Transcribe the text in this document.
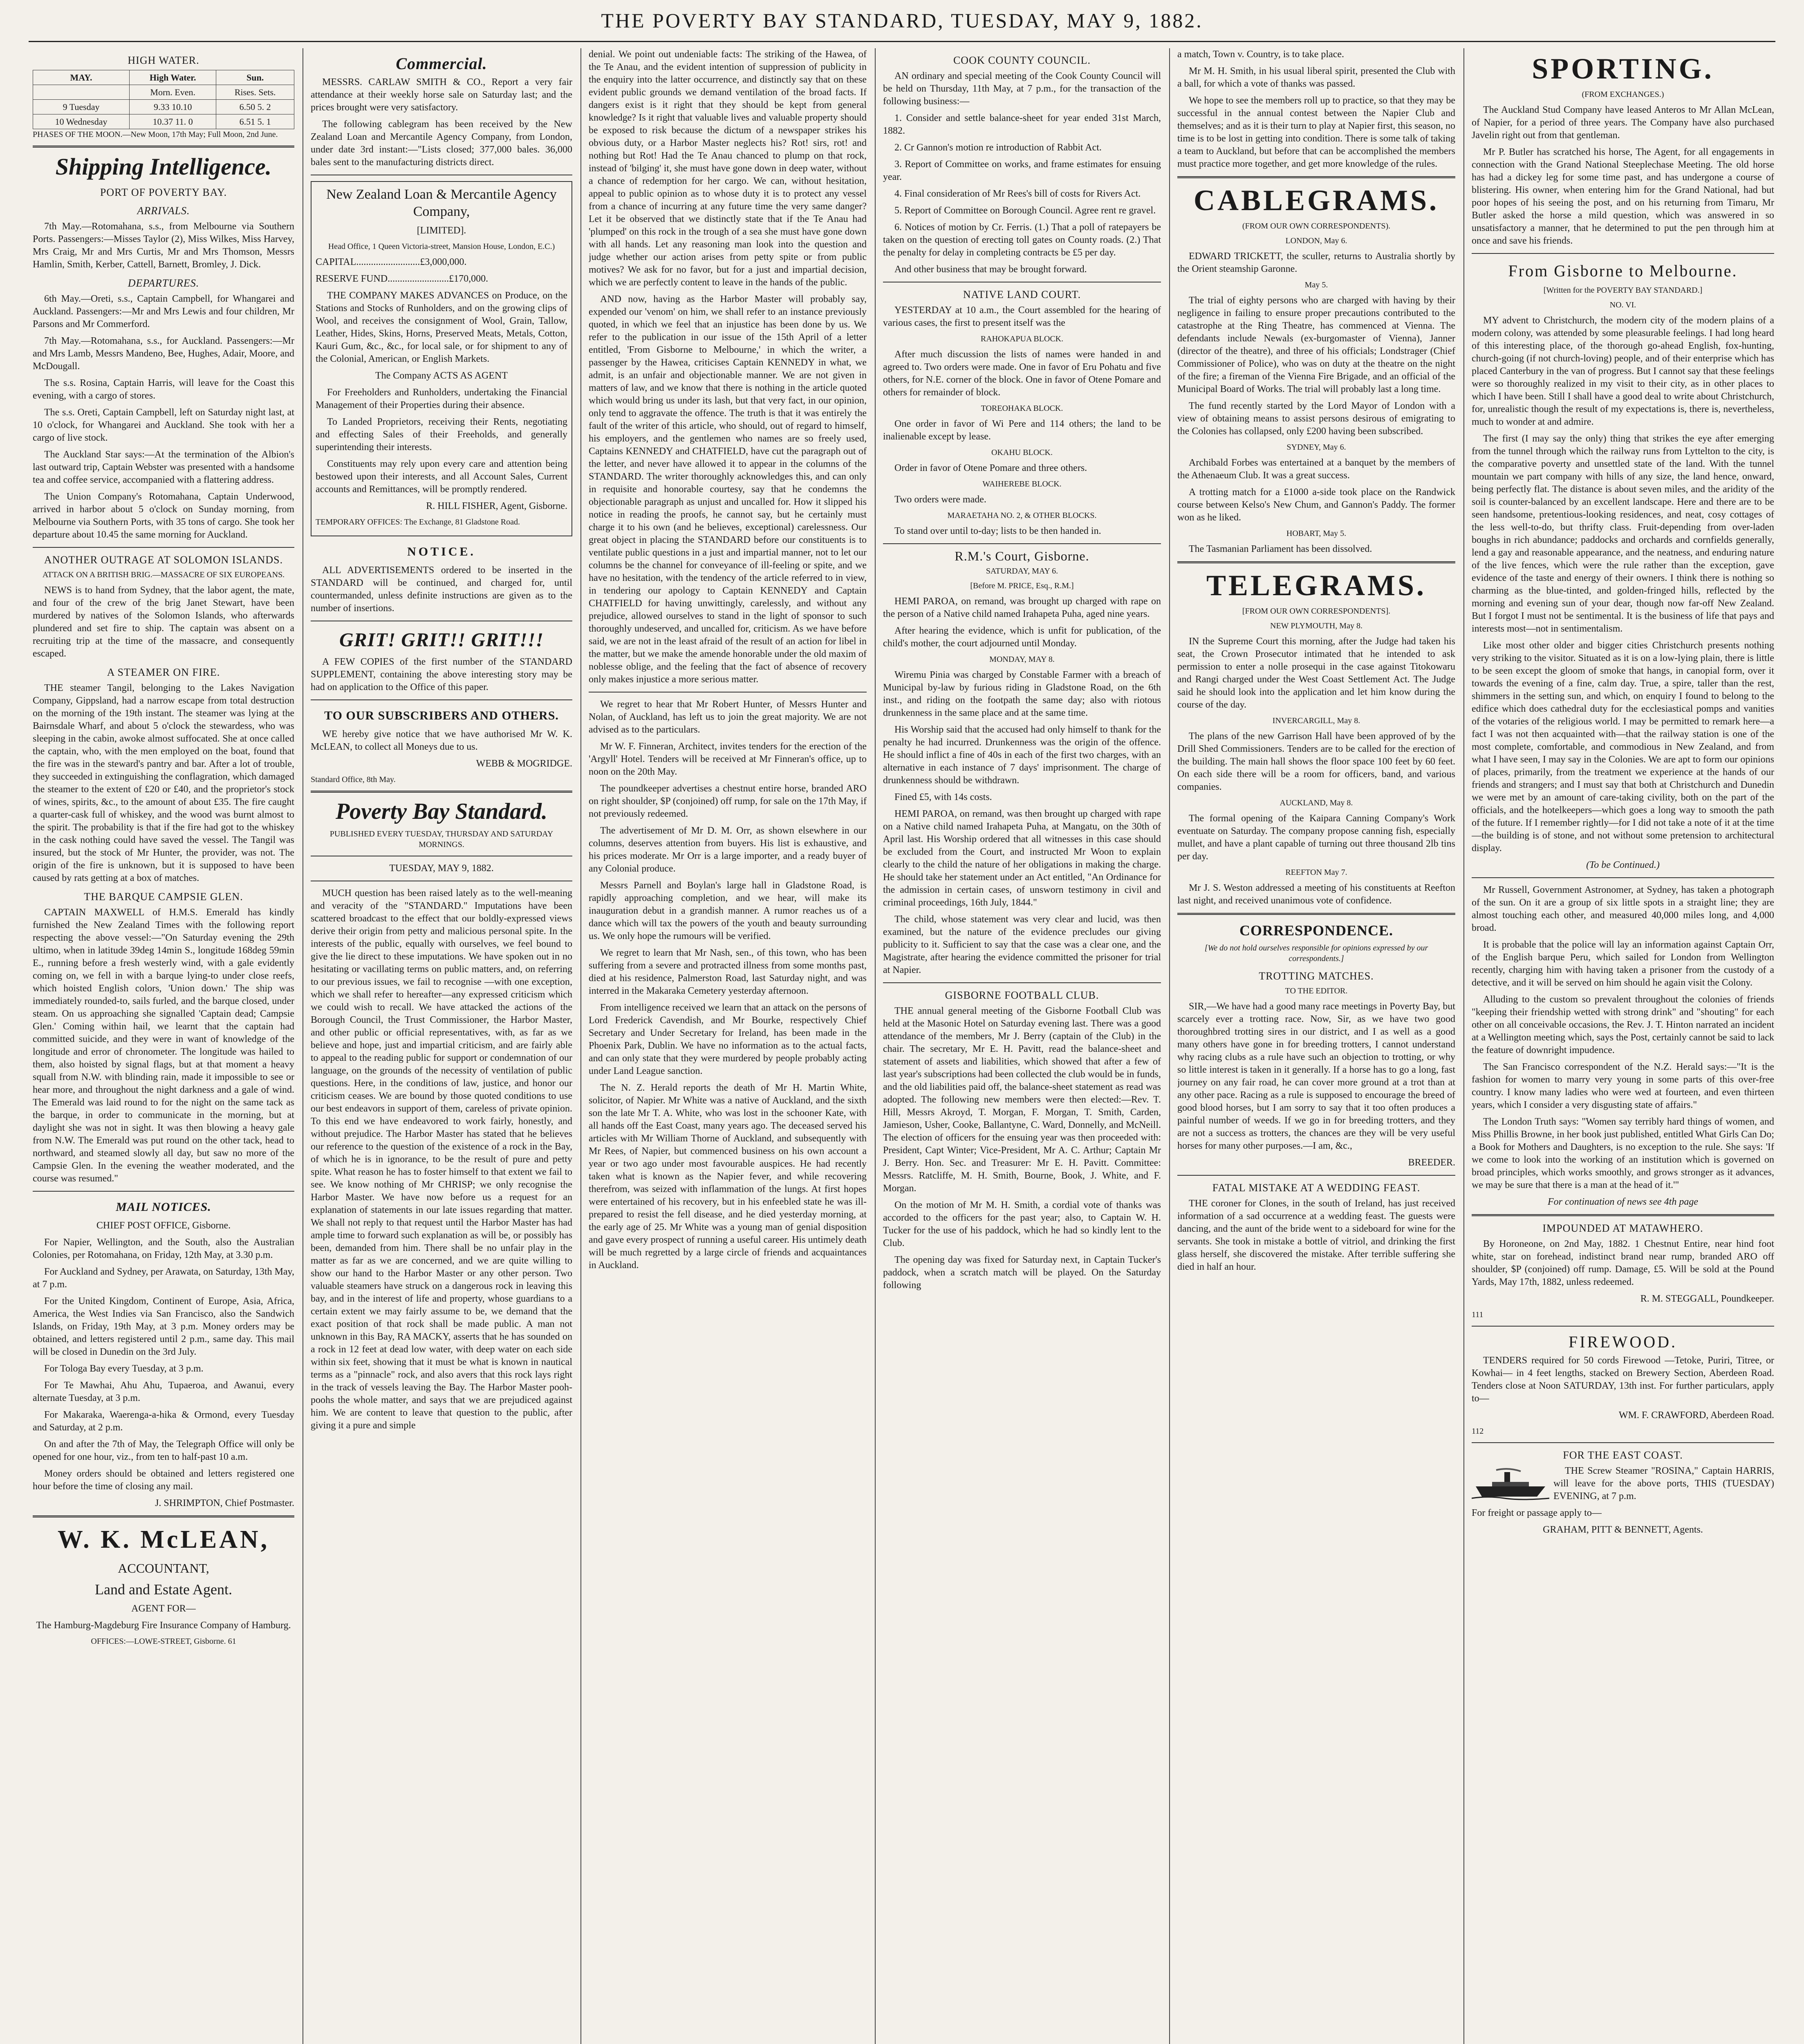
THE POVERTY BAY STANDARD, TUESDAY, MAY 9, 1882.
HIGH WATER.
MAY.	High Water.	Sun.
	Morn. Even.	Rises. Sets.
9 Tuesday	9.33 10.10	6.50 5. 2
10 Wednesday	10.37 11. 0	6.51 5. 1

PHASES OF THE MOON.—New Moon, 17th May; Full Moon, 2nd June.

Shipping Intelligence.
PORT OF POVERTY BAY.
ARRIVALS.

7th May.—Rotomahana, s.s., from Melbourne via Southern Ports. Passengers:—Misses Taylor (2), Miss Wilkes, Miss Harvey, Mrs Craig, Mr and Mrs Curtis, Mr and Mrs Thomson, Messrs Hamlin, Smith, Kerber, Cattell, Barnett, Bromley, J. Dick.

DEPARTURES.

6th May.—Oreti, s.s., Captain Campbell, for Whangarei and Auckland. Passengers:—Mr and Mrs Lewis and four children, Mr Parsons and Mr Commerford.

7th May.—Rotomahana, s.s., for Auckland. Passengers:—Mr and Mrs Lamb, Messrs Mandeno, Bee, Hughes, Adair, Moore, and McDougall.

The s.s. Rosina, Captain Harris, will leave for the Coast this evening, with a cargo of stores.

The s.s. Oreti, Captain Campbell, left on Saturday night last, at 10 o'clock, for Whangarei and Auckland. She took with her a cargo of live stock.

The Auckland Star says:—At the termination of the Albion's last outward trip, Captain Webster was presented with a handsome tea and coffee service, accompanied with a flattering address.

The Union Company's Rotomahana, Captain Underwood, arrived in harbor about 5 o'clock on Sunday morning, from Melbourne via Southern Ports, with 35 tons of cargo. She took her departure about 10.45 the same morning for Auckland.

ANOTHER OUTRAGE AT SOLOMON ISLANDS.

ATTACK ON A BRITISH BRIG.—MASSACRE OF SIX EUROPEANS.

NEWS is to hand from Sydney, that the labor agent, the mate, and four of the crew of the brig Janet Stewart, have been murdered by natives of the Solomon Islands, who afterwards plundered and set fire to ship. The captain was absent on a recruiting trip at the time of the massacre, and consequently escaped.

A STEAMER ON FIRE.

THE steamer Tangil, belonging to the Lakes Navigation Company, Gippsland, had a narrow escape from total destruction on the morning of the 19th instant. The steamer was lying at the Bairnsdale Wharf, and about 5 o'clock the stewardess, who was sleeping in the cabin, awoke almost suffocated. She at once called the captain, who, with the men employed on the boat, found that the fire was in the steward's pantry and bar. After a lot of trouble, they succeeded in extinguishing the conflagration, which damaged the steamer to the extent of £20 or £40, and the proprietor's stock of wines, spirits, &c., to the amount of about £35. The fire caught a quarter-cask full of whiskey, and the wood was burnt almost to the spirit. The probability is that if the fire had got to the whiskey in the cask nothing could have saved the vessel. The Tangil was insured, but the stock of Mr Hunter, the provider, was not. The origin of the fire is unknown, but it is supposed to have been caused by rats getting at a box of matches.

THE BARQUE CAMPSIE GLEN.

CAPTAIN MAXWELL of H.M.S. Emerald has kindly furnished the New Zealand Times with the following report respecting the above vessel:—"On Saturday evening the 29th ultimo, when in latitude 39deg 14min S., longitude 168deg 59min E., running before a fresh westerly wind, with a gale evidently coming on, we fell in with a barque lying-to under close reefs, which hoisted English colors, 'Union down.' The ship was immediately rounded-to, sails furled, and the barque closed, under steam. On us approaching she signalled 'Captain dead; Campsie Glen.' Coming within hail, we learnt that the captain had committed suicide, and they were in want of knowledge of the longitude and error of chronometer. The longitude was hailed to them, also hoisted by signal flags, but at that moment a heavy squall from N.W. with blinding rain, made it impossible to see or hear more, and throughout the night darkness and a gale of wind. The Emerald was laid round to for the night on the same tack as the barque, in order to communicate in the morning, but at daylight she was not in sight. It was then blowing a heavy gale from N.W. The Emerald was put round on the other tack, head to northward, and steamed slowly all day, but saw no more of the Campsie Glen. In the evening the weather moderated, and the course was resumed."

MAIL NOTICES.

CHIEF POST OFFICE, Gisborne.

For Napier, Wellington, and the South, also the Australian Colonies, per Rotomahana, on Friday, 12th May, at 3.30 p.m.

For Auckland and Sydney, per Arawata, on Saturday, 13th May, at 7 p.m.

For the United Kingdom, Continent of Europe, Asia, Africa, America, the West Indies via San Francisco, also the Sandwich Islands, on Friday, 19th May, at 3 p.m. Money orders may be obtained, and letters registered until 2 p.m., same day. This mail will be closed in Dunedin on the 3rd July.

For Tologa Bay every Tuesday, at 3 p.m.

For Te Mawhai, Ahu Ahu, Tupaeroa, and Awanui, every alternate Tuesday, at 3 p.m.

For Makaraka, Waerenga-a-hika & Ormond, every Tuesday and Saturday, at 2 p.m.

On and after the 7th of May, the Telegraph Office will only be opened for one hour, viz., from ten to half-past 10 a.m.

Money orders should be obtained and letters registered one hour before the time of closing any mail.

J. SHRIMPTON, Chief Postmaster.

W. K. McLEAN,

ACCOUNTANT,

Land and Estate Agent.

AGENT FOR—

The Hamburg-Magdeburg Fire Insurance Company of Hamburg.

OFFICES:—LOWE-STREET, Gisborne. 61

Commercial.

MESSRS. CARLAW SMITH & CO., Report a very fair attendance at their weekly horse sale on Saturday last; and the prices brought were very satisfactory.

The following cablegram has been received by the New Zealand Loan and Mercantile Agency Company, from London, under date 3rd instant:—"Lists closed; 377,000 bales. 36,000 bales sent to the manufacturing districts direct.

New Zealand Loan & Mercantile Agency Company,

[LIMITED].

Head Office, 1 Queen Victoria-street, Mansion House, London, E.C.)

CAPITAL..........................£3,000,000.

RESERVE FUND.........................£170,000.

THE COMPANY MAKES ADVANCES on Produce, on the Stations and Stocks of Runholders, and on the growing clips of Wool, and receives the consignment of Wool, Grain, Tallow, Leather, Hides, Skins, Horns, Preserved Meats, Metals, Cotton, Kauri Gum, &c., &c., for local sale, or for shipment to any of the Colonial, American, or English Markets.

The Company ACTS AS AGENT

For Freeholders and Runholders, undertaking the Financial Management of their Properties during their absence.

To Landed Proprietors, receiving their Rents, negotiating and effecting Sales of their Freeholds, and generally superintending their interests.

Constituents may rely upon every care and attention being bestowed upon their interests, and all Account Sales, Current accounts and Remittances, will be promptly rendered.

R. HILL FISHER, Agent, Gisborne.

TEMPORARY OFFICES: The Exchange, 81 Gladstone Road.

NOTICE.

ALL ADVERTISEMENTS ordered to be inserted in the STANDARD will be continued, and charged for, until countermanded, unless definite instructions are given as to the number of insertions.

GRIT! GRIT!! GRIT!!!

A FEW COPIES of the first number of the STANDARD SUPPLEMENT, containing the above interesting story may be had on application to the Office of this paper.

TO OUR SUBSCRIBERS AND OTHERS.

WE hereby give notice that we have authorised Mr W. K. McLEAN, to collect all Moneys due to us.

WEBB & MOGRIDGE.

Standard Office, 8th May.

Poverty Bay Standard.

PUBLISHED EVERY TUESDAY, THURSDAY AND SATURDAY MORNINGS.

TUESDAY, MAY 9, 1882.

MUCH question has been raised lately as to the well-meaning and veracity of the "STANDARD." Imputations have been scattered broadcast to the effect that our boldly-expressed views derive their origin from petty and malicious personal spite. In the interests of the public, equally with ourselves, we feel bound to give the lie direct to these imputations. We have spoken out in no hesitating or vacillating terms on public matters, and, on referring to our previous issues, we fail to recognise —with one exception, which we shall refer to hereafter—any expressed criticism which we could wish to recall. We have attacked the actions of the Borough Council, the Trust Commissioner, the Harbor Master, and other public or official representatives, with, as far as we believe and hope, just and impartial criticism, and are fairly able to appeal to the reading public for support or condemnation of our language, on the grounds of the necessity of ventilation of public questions. Here, in the conditions of law, justice, and honor our criticism ceases. We are bound by those quoted conditions to use our best endeavors in support of them, careless of private opinion. To this end we have endeavored to work fairly, honestly, and without prejudice. The Harbor Master has stated that he believes our reference to the question of the existence of a rock in the Bay, of which he is in ignorance, to be the result of pure and petty spite. What reason he has to foster himself to that extent we fail to see. We know nothing of Mr CHRISP; we only recognise the Harbor Master. We have now before us a request for an explanation of statements in our late issues regarding that matter. We shall not reply to that request until the Harbor Master has had ample time to forward such explanation as will be, or possibly has been, demanded from him. There shall be no unfair play in the matter as far as we are concerned, and we are quite willing to show our hand to the Harbor Master or any other person. Two valuable steamers have struck on a dangerous rock in leaving this bay, and in the interest of life and property, whose guardians to a certain extent we may fairly assume to be, we demand that the exact position of that rock shall be made public. A man not unknown in this Bay, RA MACKY, asserts that he has sounded on a rock in 12 feet at dead low water, with deep water on each side within six feet, showing that it must be what is known in nautical terms as a "pinnacle" rock, and also avers that this rock lays right in the track of vessels leaving the Bay. The Harbor Master pooh-poohs the whole matter, and says that we are prejudiced against him. We are content to leave that question to the public, after giving it a pure and simple

denial. We point out undeniable facts: The striking of the Hawea, of the Te Anau, and the evident intention of suppression of publicity in the enquiry into the latter occurrence, and distinctly say that on these evident public grounds we demand ventilation of the broad facts. If dangers exist is it right that they should be kept from general knowledge? Is it right that valuable lives and valuable property should be exposed to risk because the dictum of a newspaper strikes his obvious duty, or a Harbor Master neglects his? Rot! sirs, rot! and nothing but Rot! Had the Te Anau chanced to plump on that rock, instead of 'bilging' it, she must have gone down in deep water, without a chance of redemption for her cargo. We can, without hesitation, appeal to public opinion as to whose duty it is to protect any vessel from a chance of incurring at any future time the very same danger? Let it be observed that we distinctly state that if the Te Anau had 'plumped' on this rock in the trough of a sea she must have gone down with all hands. Let any reasoning man look into the question and judge whether our action arises from petty spite or from public motives? We ask for no favor, but for a just and impartial decision, which we are perfectly content to leave in the hands of the public.

AND now, having as the Harbor Master will probably say, expended our 'venom' on him, we shall refer to an instance previously quoted, in which we feel that an injustice has been done by us. We refer to the publication in our issue of the 15th April of a letter entitled, 'From Gisborne to Melbourne,' in which the writer, a passenger by the Hawea, criticises Captain KENNEDY in what, we admit, is an unfair and objectionable manner. We are not given in matters of law, and we know that there is nothing in the article quoted which would bring us under its lash, but that very fact, in our opinion, only tend to aggravate the offence. The truth is that it was entirely the fault of the writer of this article, who should, out of regard to himself, his employers, and the gentlemen who names are so freely used, Captains KENNEDY and CHATFIELD, have cut the paragraph out of the letter, and never have allowed it to appear in the columns of the STANDARD. The writer thoroughly acknowledges this, and can only in requisite and honorable courtesy, say that he condemns the objectionable paragraph as unjust and uncalled for. How it slipped his notice in reading the proofs, he cannot say, but he certainly must charge it to his own (and he believes, exceptional) carelessness. Our great object in placing the STANDARD before our constituents is to ventilate public questions in a just and impartial manner, not to let our columns be the channel for conveyance of ill-feeling or spite, and we have no hesitation, with the tendency of the article referred to in view, in tendering our apology to Captain KENNEDY and Captain CHATFIELD for having unwittingly, carelessly, and without any prejudice, allowed ourselves to stand in the light of sponsor to such thoroughly undeserved, and uncalled for, criticism. As we have before said, we are not in the least afraid of the result of an action for libel in the matter, but we make the amende honorable under the old maxim of noblesse oblige, and the feeling that the fact of absence of recovery only makes injustice a more serious matter.

We regret to hear that Mr Robert Hunter, of Messrs Hunter and Nolan, of Auckland, has left us to join the great majority. We are not advised as to the particulars.

Mr W. F. Finneran, Architect, invites tenders for the erection of the 'Argyll' Hotel. Tenders will be received at Mr Finneran's office, up to noon on the 20th May.

The poundkeeper advertises a chestnut entire horse, branded ARO on right shoulder, $P (conjoined) off rump, for sale on the 17th May, if not previously redeemed.

The advertisement of Mr D. M. Orr, as shown elsewhere in our columns, deserves attention from buyers. His list is exhaustive, and his prices moderate. Mr Orr is a large importer, and a ready buyer of any Colonial produce.

Messrs Parnell and Boylan's large hall in Gladstone Road, is rapidly approaching completion, and we hear, will make its inauguration debut in a grandish manner. A rumor reaches us of a dance which will tax the powers of the youth and beauty surrounding us. We only hope the rumours will be verified.

We regret to learn that Mr Nash, sen., of this town, who has been suffering from a severe and protracted illness from some months past, died at his residence, Palmerston Road, last Saturday night, and was interred in the Makaraka Cemetery yesterday afternoon.

From intelligence received we learn that an attack on the persons of Lord Frederick Cavendish, and Mr Bourke, respectively Chief Secretary and Under Secretary for Ireland, has been made in the Phoenix Park, Dublin. We have no information as to the actual facts, and can only state that they were murdered by people probably acting under Land League sanction.

The N. Z. Herald reports the death of Mr H. Martin White, solicitor, of Napier. Mr White was a native of Auckland, and the sixth son the late Mr T. A. White, who was lost in the schooner Kate, with all hands off the East Coast, many years ago. The deceased served his articles with Mr William Thorne of Auckland, and subsequently with Mr Rees, of Napier, but commenced business on his own account a year or two ago under most favourable auspices. He had recently taken what is known as the Napier fever, and while recovering therefrom, was seized with inflammation of the lungs. At first hopes were entertained of his recovery, but in his enfeebled state he was ill-prepared to resist the fell disease, and he died yesterday morning, at the early age of 25. Mr White was a young man of genial disposition and gave every prospect of running a useful career. His untimely death will be much regretted by a large circle of friends and acquaintances in Auckland.

COOK COUNTY COUNCIL.

AN ordinary and special meeting of the Cook County Council will be held on Thursday, 11th May, at 7 p.m., for the transaction of the following business:—

1. Consider and settle balance-sheet for year ended 31st March, 1882.

2. Cr Gannon's motion re introduction of Rabbit Act.

3. Report of Committee on works, and frame estimates for ensuing year.

4. Final consideration of Mr Rees's bill of costs for Rivers Act.

5. Report of Committee on Borough Council. Agree rent re gravel.

6. Notices of motion by Cr. Ferris. (1.) That a poll of ratepayers be taken on the question of erecting toll gates on County roads. (2.) That the penalty for delay in completing contracts be £5 per day.

And other business that may be brought forward.

NATIVE LAND COURT.

YESTERDAY at 10 a.m., the Court assembled for the hearing of various cases, the first to present itself was the

RAHOKAPUA BLOCK.

After much discussion the lists of names were handed in and agreed to. Two orders were made. One in favor of Eru Pohatu and five others, for N.E. corner of the block. One in favor of Otene Pomare and others for remainder of block.

TOREOHAKA BLOCK.

One order in favor of Wi Pere and 114 others; the land to be inalienable except by lease.

OKAHU BLOCK.

Order in favor of Otene Pomare and three others.

WAIHEREBE BLOCK.

Two orders were made.

MARAETAHA NO. 2, & OTHER BLOCKS.

To stand over until to-day; lists to be then handed in.

R.M.'s Court, Gisborne.

SATURDAY, MAY 6.

[Before M. PRICE, Esq., R.M.]

HEMI PAROA, on remand, was brought up charged with rape on the person of a Native child named Irahapeta Puha, aged nine years.

After hearing the evidence, which is unfit for publication, of the child's mother, the court adjourned until Monday.

MONDAY, MAY 8.

Wiremu Pinia was charged by Constable Farmer with a breach of Municipal by-law by furious riding in Gladstone Road, on the 6th inst., and riding on the footpath the same day; also with riotous drunkenness in the same place and at the same time.

His Worship said that the accused had only himself to thank for the penalty he had incurred. Drunkenness was the origin of the offence. He should inflict a fine of 40s in each of the first two charges, with an alternative in each instance of 7 days' imprisonment. The charge of drunkenness should be withdrawn.

Fined £5, with 14s costs.

HEMI PAROA, on remand, was then brought up charged with rape on a Native child named Irahapeta Puha, at Mangatu, on the 30th of April last. His Worship ordered that all witnesses in this case should be excluded from the Court, and instructed Mr Woon to explain clearly to the child the nature of her obligations in making the charge. He should take her statement under an Act entitled, "An Ordinance for the admission in certain cases, of unsworn testimony in civil and criminal proceedings, 16th July, 1844."

The child, whose statement was very clear and lucid, was then examined, but the nature of the evidence precludes our giving publicity to it. Sufficient to say that the case was a clear one, and the Magistrate, after hearing the evidence committed the prisoner for trial at Napier.

GISBORNE FOOTBALL CLUB.

THE annual general meeting of the Gisborne Football Club was held at the Masonic Hotel on Saturday evening last. There was a good attendance of the members, Mr J. Berry (captain of the Club) in the chair. The secretary, Mr E. H. Pavitt, read the balance-sheet and statement of assets and liabilities, which showed that after a few of last year's subscriptions had been collected the club would be in funds, and the old liabilities paid off, the balance-sheet statement as read was adopted. The following new members were then elected:—Rev. T. Hill, Messrs Akroyd, T. Morgan, F. Morgan, T. Smith, Carden, Jamieson, Usher, Cooke, Ballantyne, C. Ward, Donnelly, and McNeill. The election of officers for the ensuing year was then proceeded with: President, Capt Winter; Vice-President, Mr A. C. Arthur; Captain Mr J. Berry. Hon. Sec. and Treasurer: Mr E. H. Pavitt. Committee: Messrs. Ratcliffe, M. H. Smith, Bourne, Book, J. White, and F. Morgan.

On the motion of Mr M. H. Smith, a cordial vote of thanks was accorded to the officers for the past year; also, to Captain W. H. Tucker for the use of his paddock, which he had so kindly lent to the Club.

The opening day was fixed for Saturday next, in Captain Tucker's paddock, when a scratch match will be played. On the Saturday following

a match, Town v. Country, is to take place.

Mr M. H. Smith, in his usual liberal spirit, presented the Club with a ball, for which a vote of thanks was passed.

We hope to see the members roll up to practice, so that they may be successful in the annual contest between the Napier Club and themselves; and as it is their turn to play at Napier first, this season, no time is to be lost in getting into condition. There is some talk of taking a team to Auckland, but before that can be accomplished the members must practice more together, and get more knowledge of the rules.

CABLEGRAMS.

(FROM OUR OWN CORRESPONDENTS).

LONDON, May 6.

EDWARD TRICKETT, the sculler, returns to Australia shortly by the Orient steamship Garonne.

May 5.

The trial of eighty persons who are charged with having by their negligence in failing to ensure proper precautions contributed to the catastrophe at the Ring Theatre, has commenced at Vienna. The defendants include Newals (ex-burgomaster of Vienna), Janner (director of the theatre), and three of his officials; Londstrager (Chief Commissioner of Police), who was on duty at the theatre on the night of the fire; a fireman of the Vienna Fire Brigade, and an official of the Municipal Board of Works. The trial will probably last a long time.

The fund recently started by the Lord Mayor of London with a view of obtaining means to assist persons desirous of emigrating to the Colonies has collapsed, only £200 having been subscribed.

SYDNEY, May 6.

Archibald Forbes was entertained at a banquet by the members of the Athenaeum Club. It was a great success.

A trotting match for a £1000 a-side took place on the Randwick course between Kelso's New Chum, and Gannon's Paddy. The former won as he liked.

HOBART, May 5.

The Tasmanian Parliament has been dissolved.

TELEGRAMS.

[FROM OUR OWN CORRESPONDENTS].

NEW PLYMOUTH, May 8.

IN the Supreme Court this morning, after the Judge had taken his seat, the Crown Prosecutor intimated that he intended to ask permission to enter a nolle prosequi in the case against Titokowaru and Rangi charged under the West Coast Settlement Act. The Judge said he should look into the application and let him know during the course of the day.

INVERCARGILL, May 8.

The plans of the new Garrison Hall have been approved of by the Drill Shed Commissioners. Tenders are to be called for the erection of the building. The main hall shows the floor space 100 feet by 60 feet. On each side there will be a room for officers, band, and various companies.

AUCKLAND, May 8.

The formal opening of the Kaipara Canning Company's Work eventuate on Saturday. The company propose canning fish, especially mullet, and have a plant capable of turning out three thousand 2lb tins per day.

REEFTON May 7.

Mr J. S. Weston addressed a meeting of his constituents at Reefton last night, and received unanimous vote of confidence.

CORRESPONDENCE.

[We do not hold ourselves responsible for opinions expressed by our correspondents.]

TROTTING MATCHES.

TO THE EDITOR.

SIR,—We have had a good many race meetings in Poverty Bay, but scarcely ever a trotting race. Now, Sir, as we have two good thoroughbred trotting sires in our district, and I as well as a good many others have gone in for breeding trotters, I cannot understand why racing clubs as a rule have such an objection to trotting, or why so little interest is taken in it generally. If a horse has to go a long, fast journey on any fair road, he can cover more ground at a trot than at any other pace. Racing as a rule is supposed to encourage the breed of good blood horses, but I am sorry to say that it too often produces a painful number of weeds. If we go in for breeding trotters, and they are not a success as trotters, the chances are they will be very useful horses for many other purposes.—I am, &c.,

BREEDER.

FATAL MISTAKE AT A WEDDING FEAST.

THE coroner for Clones, in the south of Ireland, has just received information of a sad occurrence at a wedding feast. The guests were dancing, and the aunt of the bride went to a sideboard for wine for the servants. She took in mistake a bottle of vitriol, and drinking the first glass herself, she discovered the mistake. After terrible suffering she died in half an hour.

SPORTING.

(FROM EXCHANGES.)

The Auckland Stud Company have leased Anteros to Mr Allan McLean, of Napier, for a period of three years. The Company have also purchased Javelin right out from that gentleman.

Mr P. Butler has scratched his horse, The Agent, for all engagements in connection with the Grand National Steeplechase Meeting. The old horse has had a dickey leg for some time past, and has undergone a course of blistering. His owner, when entering him for the Grand National, had but poor hopes of his seeing the post, and on his returning from Timaru, Mr Butler asked the horse a mild question, which was answered in so unsatisfactory a manner, that he determined to put the pen through him at once and save his friends.

From Gisborne to Melbourne.

[Written for the POVERTY BAY STANDARD.]

NO. VI.

MY advent to Christchurch, the modern city of the modern plains of a modern colony, was attended by some pleasurable feelings. I had long heard of this interesting place, of the thorough go-ahead English, fox-hunting, church-going (if not church-loving) people, and of their enterprise which has placed Canterbury in the van of progress. But I cannot say that these feelings were so thoroughly realized in my visit to their city, as in other places to which I have been. Still I shall have a good deal to write about Christchurch, for, unrealistic though the result of my expectations is, there is, nevertheless, much to wonder at and admire.

The first (I may say the only) thing that strikes the eye after emerging from the tunnel through which the railway runs from Lyttelton to the city, is the comparative poverty and unsettled state of the land. With the tunnel mountain we part company with hills of any size, the land hence, onward, being perfectly flat. The distance is about seven miles, and the aridity of the soil is counter-balanced by an excellent landscape. Here and there are to be seen handsome, pretentious-looking residences, and neat, cosy cottages of the less well-to-do, but thrifty class. Fruit-depending from over-laden boughs in rich abundance; paddocks and orchards and cornfields generally, lend a gay and reasonable appearance, and the neatness, and enduring nature of the live fences, which were the rule rather than the exception, gave evidence of the taste and energy of their owners. I think there is nothing so charming as the blue-tinted, and golden-fringed hills, reflected by the morning and evening sun of your dear, though now far-off New Zealand. But I forgot I must not be sentimental. It is the business of life that pays and interests most—not in sentimentalism.

Like most other older and bigger cities Christchurch presents nothing very striking to the visitor. Situated as it is on a low-lying plain, there is little to be seen except the gloom of smoke that hangs, in canopial form, over it towards the evening of a fine, calm day. True, a spire, taller than the rest, shimmers in the setting sun, and which, on enquiry I found to belong to the edifice which does cathedral duty for the ecclesiastical pomps and vanities of the votaries of the religious world. I may be permitted to remark here—a fact I was not then acquainted with—that the railway station is one of the most complete, comfortable, and commodious in New Zealand, and from what I have seen, I may say in the Colonies. We are apt to form our opinions of places, primarily, from the treatment we experience at the hands of our friends and strangers; and I must say that both at Christchurch and Dunedin we were met by an amount of care-taking civility, both on the part of the officials, and the hotelkeepers—which goes a long way to smooth the path of the future. If I remember rightly—for I did not take a note of it at the time—the building is of stone, and not without some pretension to architectural display.

(To be Continued.)

Mr Russell, Government Astronomer, at Sydney, has taken a photograph of the sun. On it are a group of six little spots in a straight line; they are almost touching each other, and measured 40,000 miles long, and 4,000 broad.

It is probable that the police will lay an information against Captain Orr, of the English barque Peru, which sailed for London from Wellington recently, charging him with having taken a prisoner from the custody of a detective, and it will be served on him should he again visit the Colony.

Alluding to the custom so prevalent throughout the colonies of friends "keeping their friendship wetted with strong drink" and "shouting" for each other on all conceivable occasions, the Rev. J. T. Hinton narrated an incident at a Wellington meeting which, says the Post, certainly cannot be said to lack the feature of downright impudence.

The San Francisco correspondent of the N.Z. Herald says:—"It is the fashion for women to marry very young in some parts of this over-free country. I know many ladies who were wed at fourteen, and even thirteen years, which I consider a very disgusting state of affairs."

The London Truth says: "Women say terribly hard things of women, and Miss Phillis Browne, in her book just published, entitled What Girls Can Do; a Book for Mothers and Daughters, is no exception to the rule. She says: 'If we come to look into the working of an institution which is governed on broad principles, which works smoothly, and grows stronger as it advances, we may be sure that there is a man at the head of it.'"

For continuation of news see 4th page

IMPOUNDED AT MATAWHERO.

By Horoneone, on 2nd May, 1882. 1 Chestnut Entire, near hind foot white, star on forehead, indistinct brand near rump, branded ARO off shoulder, $P (conjoined) off rump. Damage, £5. Will be sold at the Pound Yards, May 17th, 1882, unless redeemed.

R. M. STEGGALL, Poundkeeper.

111

FIREWOOD.

TENDERS required for 50 cords Firewood —Tetoke, Puriri, Titree, or Kowhai— in 4 feet lengths, stacked on Brewery Section, Aberdeen Road. Tenders close at Noon SATURDAY, 13th inst. For further particulars, apply to—

WM. F. CRAWFORD, Aberdeen Road.

112

FOR THE EAST COAST.

THE Screw Steamer "ROSINA," Captain HARRIS, will leave for the above ports, THIS (TUESDAY) EVENING, at 7 p.m.

For freight or passage apply to—

GRAHAM, PITT & BENNETT, Agents.
